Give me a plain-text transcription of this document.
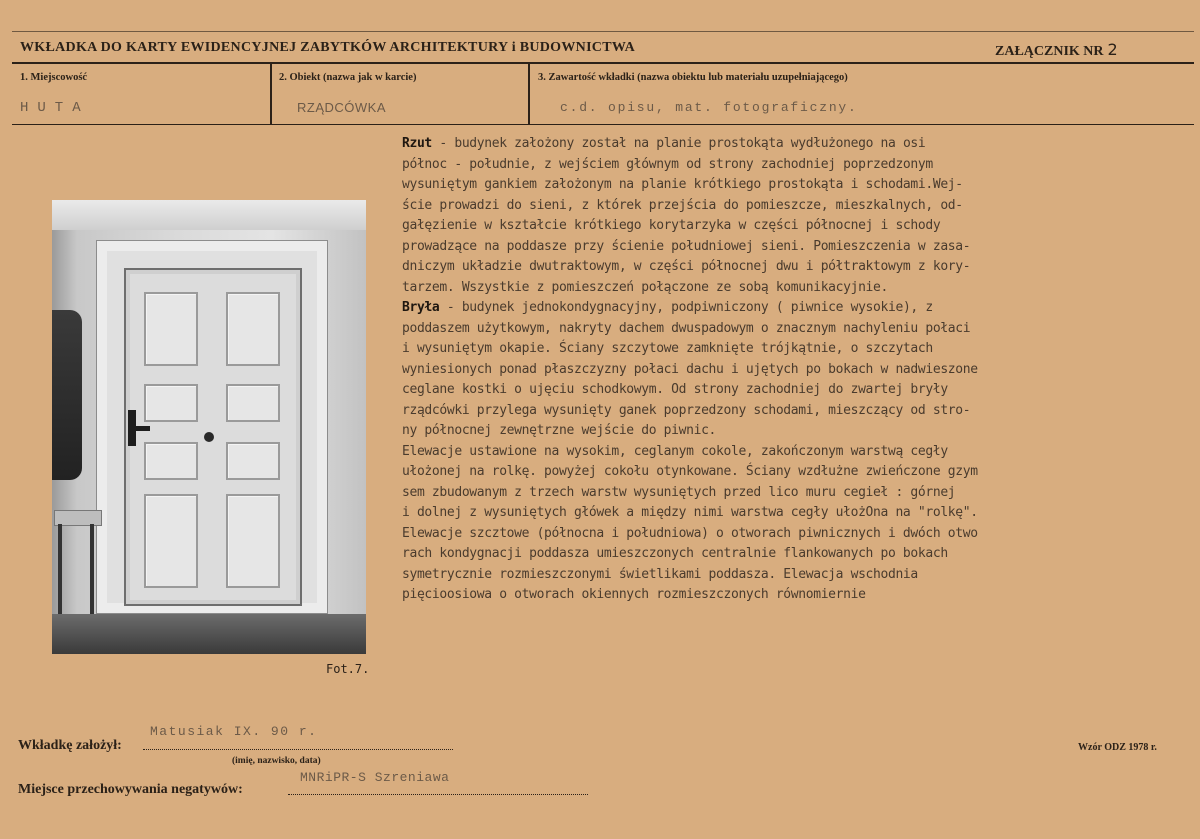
WKŁADKA DO KARTY EWIDENCYJNEJ ZABYTKÓW ARCHITEKTURY i BUDOWNICTWA	ZAŁĄCZNIK NR 2
1. Miejscowość
HUTA
2. Obiekt (nazwa jak w karcie)
RZĄDCÓWKA
3. Zawartość wkładki (nazwa obiektu lub materiału uzupełniającego)
c.d. opisu, mat. fotograficzny.
Fot.7.
Rzut - budynek założony został na planie prostokąta wydłużonego na osi
północ - południe, z wejściem głównym od strony zachodniej poprzedzonym
wysuniętym gankiem założonym na planie krótkiego prostokąta i schodami.Wej-
ście prowadzi do sieni, z którek przejścia do pomieszcze, mieszkalnych, od-
gałęzienie w kształcie krótkiego korytarzyka w części północnej i schody
prowadzące na poddasze przy ścienie południowej sieni. Pomieszczenia w zasa-
dniczym układzie dwutraktowym, w części północnej dwu i półtraktowym z kory-
tarzem. Wszystkie z pomieszczeń połączone ze sobą komunikacyjnie.
Bryła - budynek jednokondygnacyjny, podpiwniczony ( piwnice wysokie), z
poddaszem użytkowym, nakryty dachem dwuspadowym o znacznym nachyleniu połaci
i wysuniętym okapie. Ściany szczytowe zamknięte trójkątnie, o szczytach
wyniesionych ponad płaszczyzny połaci dachu i ujętych po bokach w nadwieszone
ceglane kostki o ujęciu schodkowym. Od strony zachodniej do zwartej bryły
rządcówki przylega wysunięty ganek poprzedzony schodami, mieszczący od stro-
ny północnej zewnętrzne wejście do piwnic.
Elewacje ustawione na wysokim, ceglanym cokole, zakończonym warstwą cegły
ułożonej na rolkę. powyżej cokołu otynkowane. Ściany wzdłużne zwieńczone gzym
sem zbudowanym z trzech warstw wysuniętych przed lico muru cegieł : górnej
i dolnej z wysuniętych główek a między nimi warstwa cegły ułożOna na "rolkę".
Elewacje szcztowe (północna i południowa) o otworach piwnicznych i dwóch otwo
rach kondygnacji poddasza umieszczonych centralnie flankowanych po bokach
symetrycznie rozmieszczonymi świetlikami poddasza. Elewacja wschodnia
pięcioosiowa o otworach okiennych rozmieszczonych równomiernie
Wkładkę założył:
Matusiak IX. 90 r.
(imię, nazwisko, data)
Wzór ODZ 1978 r.
Miejsce przechowywania negatywów:
MNRiPR-S Szreniawa
